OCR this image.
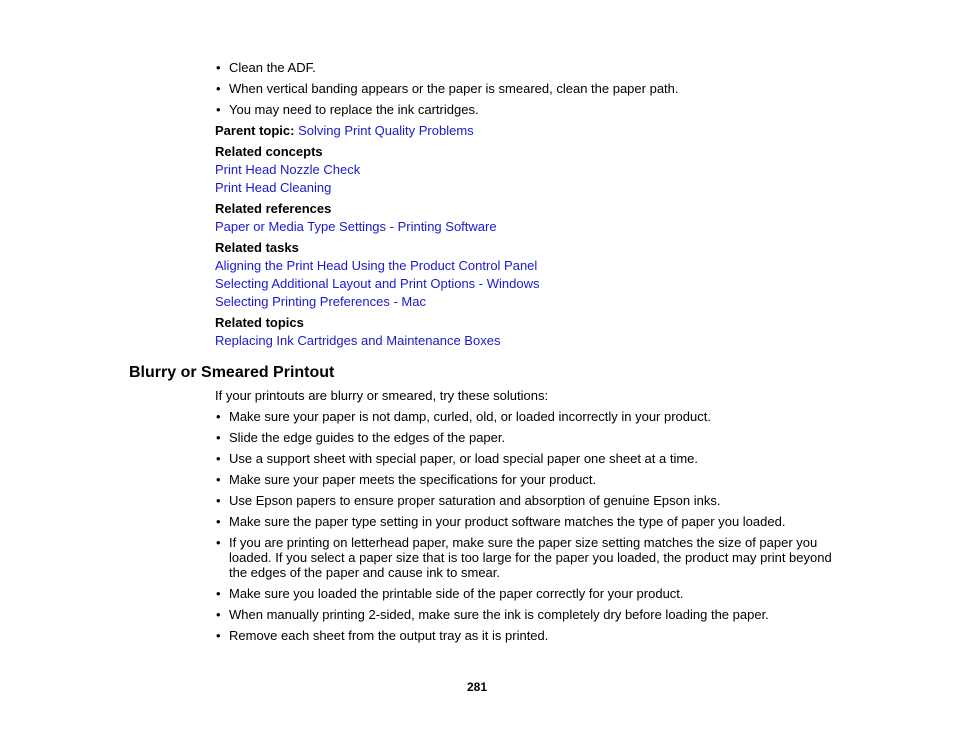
• Clean the ADF.
• When vertical banding appears or the paper is smeared, clean the paper path.
• You may need to replace the ink cartridges.
Parent topic: Solving Print Quality Problems
Related concepts
Print Head Nozzle Check
Print Head Cleaning
Related references
Paper or Media Type Settings - Printing Software
Related tasks
Aligning the Print Head Using the Product Control Panel
Selecting Additional Layout and Print Options - Windows
Selecting Printing Preferences - Mac
Related topics
Replacing Ink Cartridges and Maintenance Boxes
Blurry or Smeared Printout
If your printouts are blurry or smeared, try these solutions:
• Make sure your paper is not damp, curled, old, or loaded incorrectly in your product.
• Slide the edge guides to the edges of the paper.
• Use a support sheet with special paper, or load special paper one sheet at a time.
• Make sure your paper meets the specifications for your product.
• Use Epson papers to ensure proper saturation and absorption of genuine Epson inks.
• Make sure the paper type setting in your product software matches the type of paper you loaded.
• If you are printing on letterhead paper, make sure the paper size setting matches the size of paper you loaded. If you select a paper size that is too large for the paper you loaded, the product may print beyond the edges of the paper and cause ink to smear.
• Make sure you loaded the printable side of the paper correctly for your product.
• When manually printing 2-sided, make sure the ink is completely dry before loading the paper.
• Remove each sheet from the output tray as it is printed.
281
